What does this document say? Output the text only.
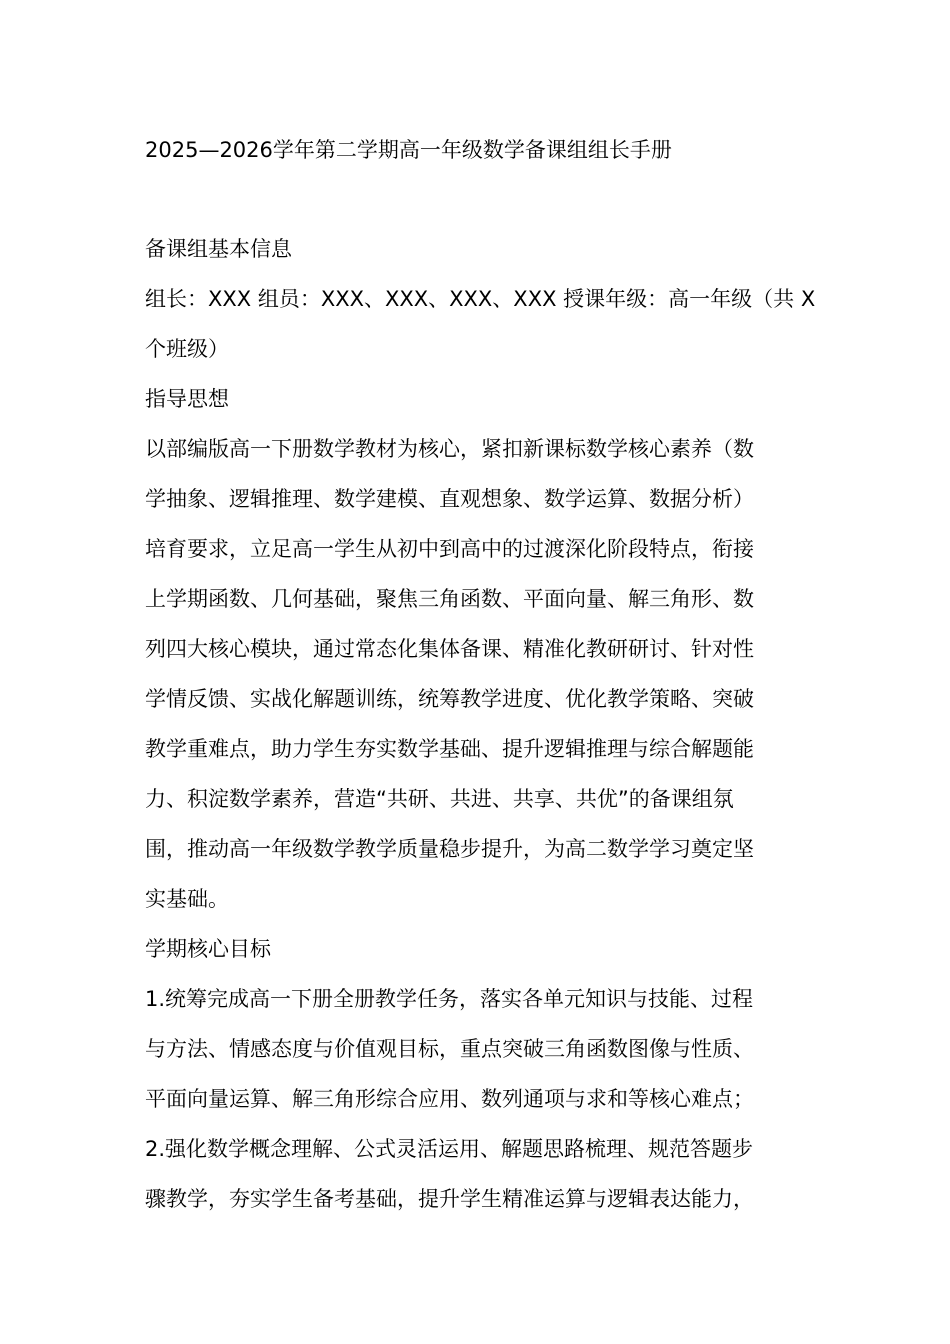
2025—2026学年第二学期高一年级数学备课组组长手册
备课组基本信息
组长：XXX 组员：XXX、XXX、XXX、XXX 授课年级：高一年级（共 X
个班级）
指导思想
以部编版高一下册数学教材为核心，紧扣新课标数学核心素养（数
学抽象、逻辑推理、数学建模、直观想象、数学运算、数据分析）
培育要求，立足高一学生从初中到高中的过渡深化阶段特点，衔接
上学期函数、几何基础，聚焦三角函数、平面向量、解三角形、数
列四大核心模块，通过常态化集体备课、精准化教研研讨、针对性
学情反馈、实战化解题训练，统筹教学进度、优化教学策略、突破
教学重难点，助力学生夯实数学基础、提升逻辑推理与综合解题能
力、积淀数学素养，营造“共研、共进、共享、共优”的备课组氛
围，推动高一年级数学教学质量稳步提升，为高二数学学习奠定坚
实基础。
学期核心目标
1.统筹完成高一下册全册教学任务，落实各单元知识与技能、过程
与方法、情感态度与价值观目标，重点突破三角函数图像与性质、
平面向量运算、解三角形综合应用、数列通项与求和等核心难点；
2.强化数学概念理解、公式灵活运用、解题思路梳理、规范答题步
骤教学，夯实学生备考基础，提升学生精准运算与逻辑表达能力，
